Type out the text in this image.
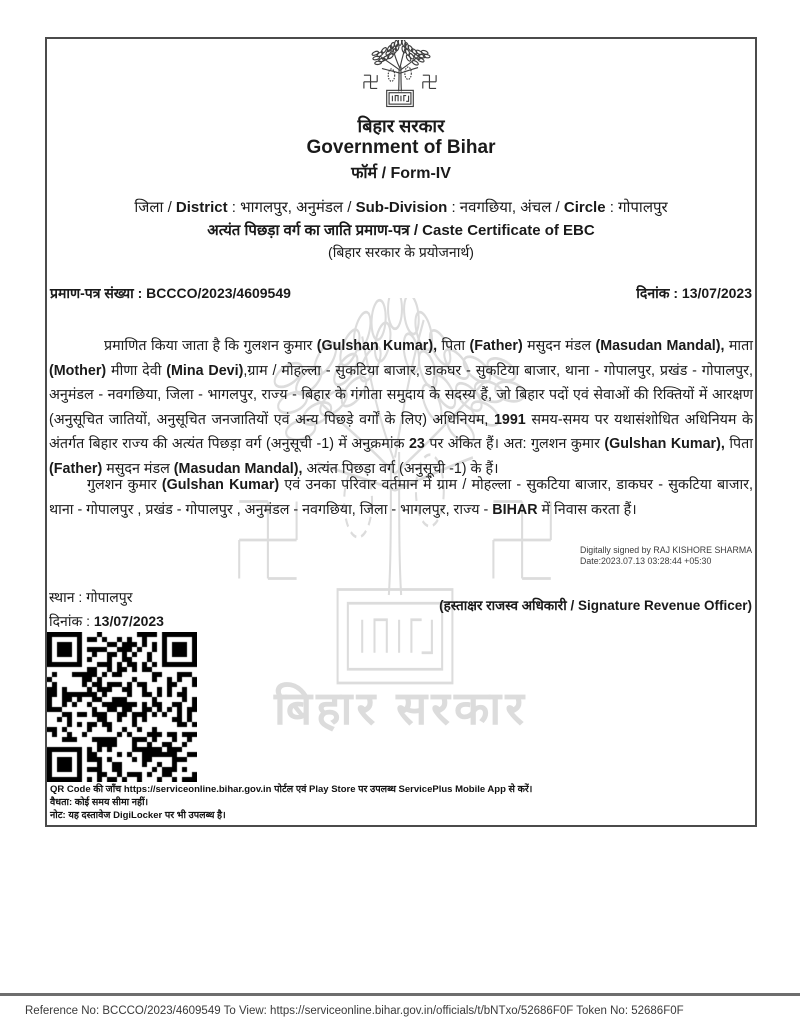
बिहार सरकार
बिहार सरकार
Government of Bihar
फॉर्म / Form-IV
जिला / District : भागलपुर, अनुमंडल / Sub-Division : नवगछिया, अंचल / Circle : गोपालपुर
अत्यंत पिछड़ा वर्ग का जाति प्रमाण-पत्र / Caste Certificate of EBC
(बिहार सरकार के प्रयोजनार्थ)
प्रमाण-पत्र संख्या : BCCCO/2023/4609549	दिनांक : 13/07/2023
प्रमाणित किया जाता है कि गुलशन कुमार (Gulshan Kumar), पिता (Father) मसुदन मंडल (Masudan Mandal), माता (Mother) मीणा देवी (Mina Devi),ग्राम / मोहल्ला - सुकटिया बाजार, डाकघर - सुकटिया बाजार, थाना - गोपालपुर, प्रखंड - गोपालपुर, अनुमंडल - नवगछिया, जिला - भागलपुर, राज्य - बिहार के गंगोता समुदाय के सदस्य हैं, जो बिहार पदों एवं सेवाओं की रिक्तियों में आरक्षण (अनुसूचित जातियों, अनुसूचित जनजातियों एवं अन्य पिछड़े वर्गों के लिए) अधिनियम, 1991 समय-समय पर यथासंशोधित अधिनियम के अंतर्गत बिहार राज्य की अत्यंत पिछड़ा वर्ग (अनुसूची -1) में अनुक्रमांक 23 पर अंकित हैं। अत: गुलशन कुमार (Gulshan Kumar), पिता (Father) मसुदन मंडल (Masudan Mandal), अत्यंत पिछड़ा वर्ग (अनुसूची -1) के हैं।
गुलशन कुमार (Gulshan Kumar) एवं उनका परिवार वर्तमान में ग्राम / मोहल्ला - सुकटिया बाजार, डाकघर - सुकटिया बाजार, थाना - गोपालपुर , प्रखंड - गोपालपुर , अनुमंडल - नवगछिया, जिला - भागलपुर, राज्य - BIHAR में निवास करता हैं।
Digitally signed by RAJ KISHORE SHARMA
Date:2023.07.13 03:28:44 +05:30
स्थान : गोपालपुर
दिनांक : 13/07/2023
(हस्ताक्षर राजस्व अधिकारी / Signature Revenue Officer)
QR Code की जाँच https://serviceonline.bihar.gov.in पोर्टल एवं Play Store पर उपलब्ध ServicePlus Mobile App से करें।
वैधता: कोई समय सीमा नहीं।
नोट: यह दस्तावेज DigiLocker पर भी उपलब्ध है।
Reference No: BCCCO/2023/4609549 To View: https://serviceonline.bihar.gov.in/officials/t/bNTxo/52686F0F Token No: 52686F0F
